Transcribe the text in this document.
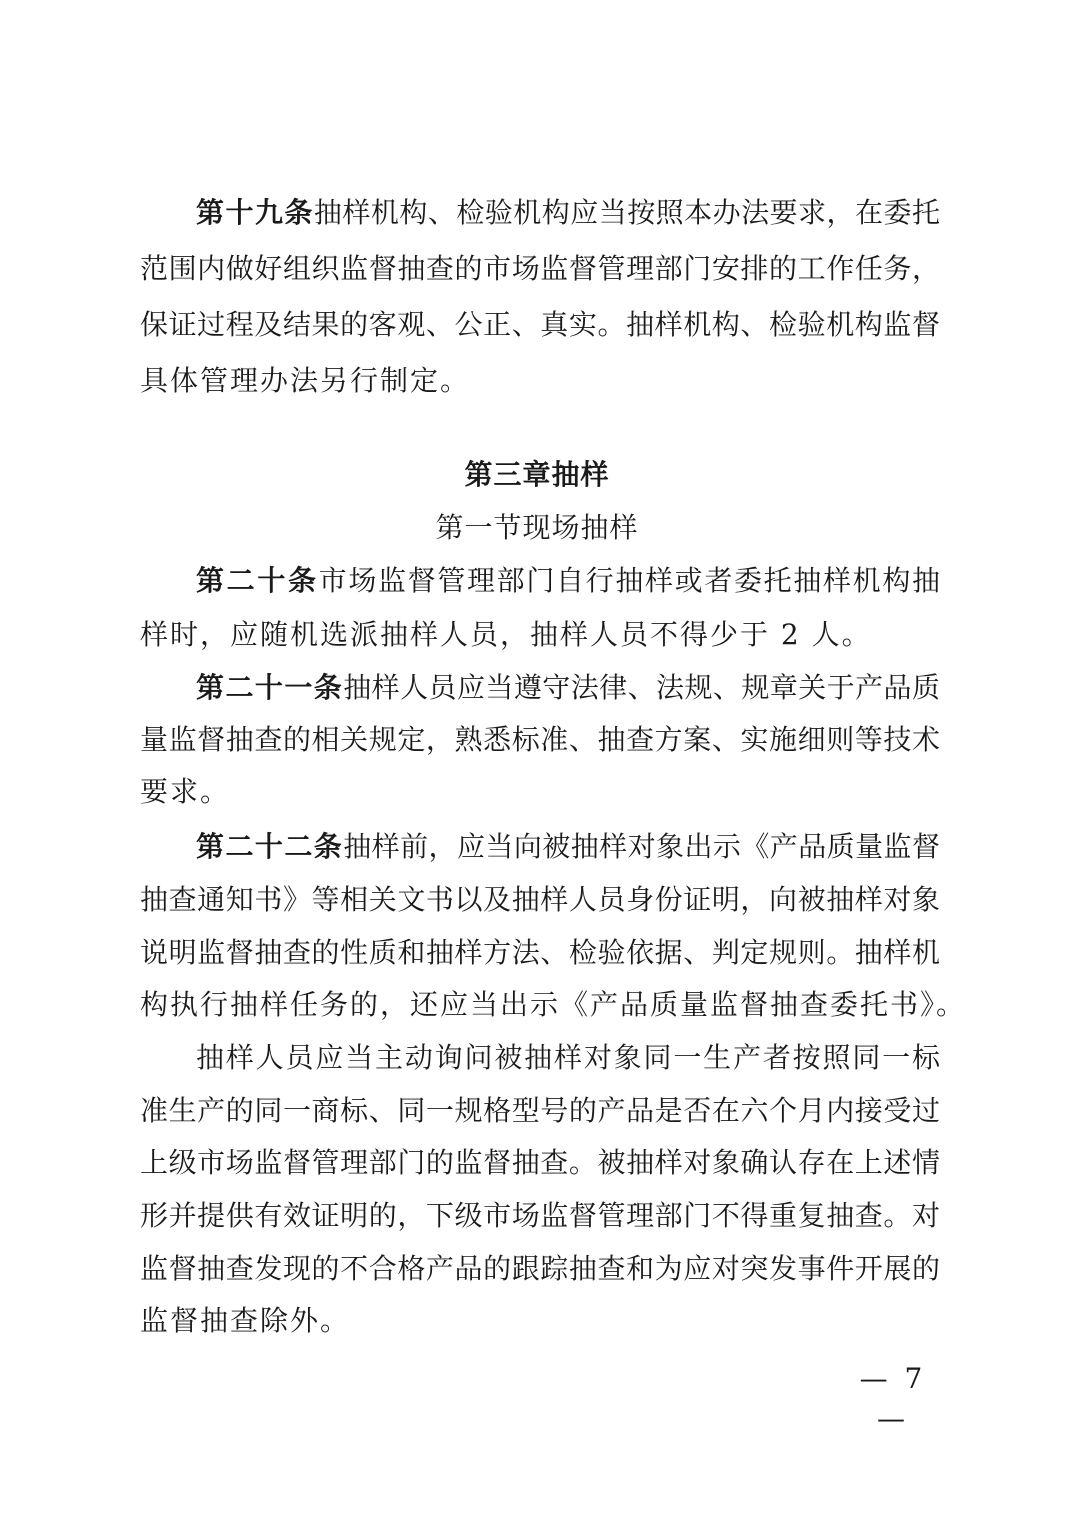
第十九条抽样机构、检验机构应当按照本办法要求，在委托
范围内做好组织监督抽查的市场监督管理部门安排的工作任务，
保证过程及结果的客观、公正、真实。抽样机构、检验机构监督
具体管理办法另行制定。
第三章抽样
第一节现场抽样
第二十条市场监督管理部门自行抽样或者委托抽样机构抽
样时，应随机选派抽样人员，抽样人员不得少于 2 人。
第二十一条抽样人员应当遵守法律、法规、规章关于产品质
量监督抽查的相关规定，熟悉标准、抽查方案、实施细则等技术
要求。
第二十二条抽样前，应当向被抽样对象出示《产品质量监督
抽查通知书》等相关文书以及抽样人员身份证明，向被抽样对象
说明监督抽查的性质和抽样方法、检验依据、判定规则。抽样机
构执行抽样任务的，还应当出示《产品质量监督抽查委托书》。
抽样人员应当主动询问被抽样对象同一生产者按照同一标
准生产的同一商标、同一规格型号的产品是否在六个月内接受过
上级市场监督管理部门的监督抽查。被抽样对象确认存在上述情
形并提供有效证明的，下级市场监督管理部门不得重复抽查。对
监督抽查发现的不合格产品的跟踪抽查和为应对突发事件开展的
监督抽查除外。
— 7 —
